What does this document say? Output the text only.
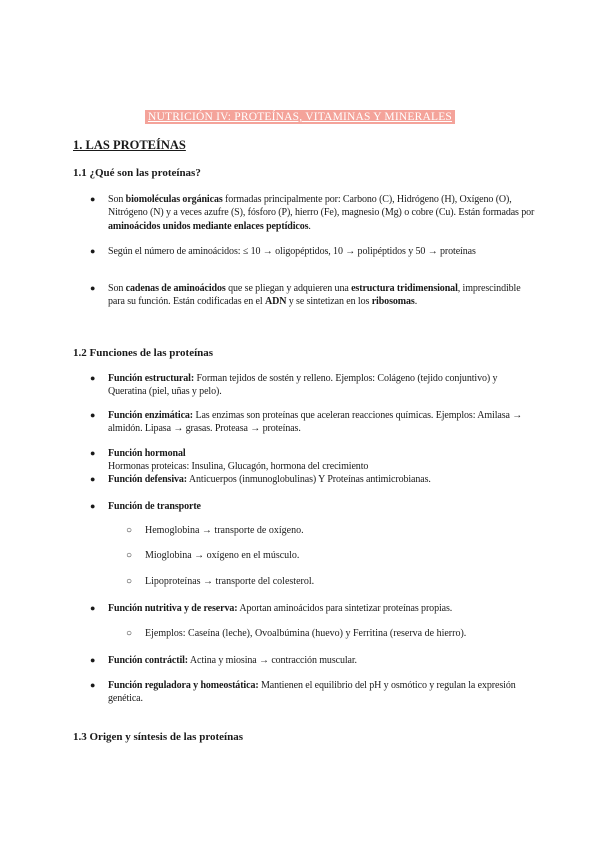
NUTRICIÓN IV: PROTEÍNAS, VITAMINAS Y MINERALES
1. LAS PROTEÍNAS
1.1 ¿Qué son las proteínas?
● Son biomoléculas orgánicas formadas principalmente por: Carbono (C), Hidrógeno (H), Oxígeno (O), Nitrógeno (N) y a veces azufre (S), fósforo (P), hierro (Fe), magnesio (Mg) o cobre (Cu). Están formadas por aminoácidos unidos mediante enlaces peptídicos.
● Según el número de aminoácidos: ≤ 10 → oligopéptidos, 10 → polipéptidos y 50 → proteínas
● Son cadenas de aminoácidos que se pliegan y adquieren una estructura tridimensional, imprescindible para su función. Están codificadas en el ADN y se sintetizan en los ribosomas.
1.2 Funciones de las proteínas
● Función estructural: Forman tejidos de sostén y relleno. Ejemplos: Colágeno (tejido conjuntivo) y Queratina (piel, uñas y pelo).
● Función enzimática: Las enzimas son proteínas que aceleran reacciones químicas. Ejemplos: Amilasa → almidón. Lipasa → grasas. Proteasa → proteínas.
● Función hormonal
Hormonas proteicas: Insulina, Glucagón, hormona del crecimiento
● Función defensiva: Anticuerpos (inmunoglobulinas) Y Proteínas antimicrobianas.
● Función de transporte
○ Hemoglobina → transporte de oxígeno.
○ Mioglobina → oxígeno en el músculo.
○ Lipoproteínas → transporte del colesterol.
● Función nutritiva y de reserva: Aportan aminoácidos para sintetizar proteínas propias.
○ Ejemplos: Caseína (leche), Ovoalbúmina (huevo) y Ferritina (reserva de hierro).
● Función contráctil: Actina y miosina → contracción muscular.
● Función reguladora y homeostática: Mantienen el equilibrio del pH y osmótico y regulan la expresión genética.
1.3 Origen y síntesis de las proteínas
